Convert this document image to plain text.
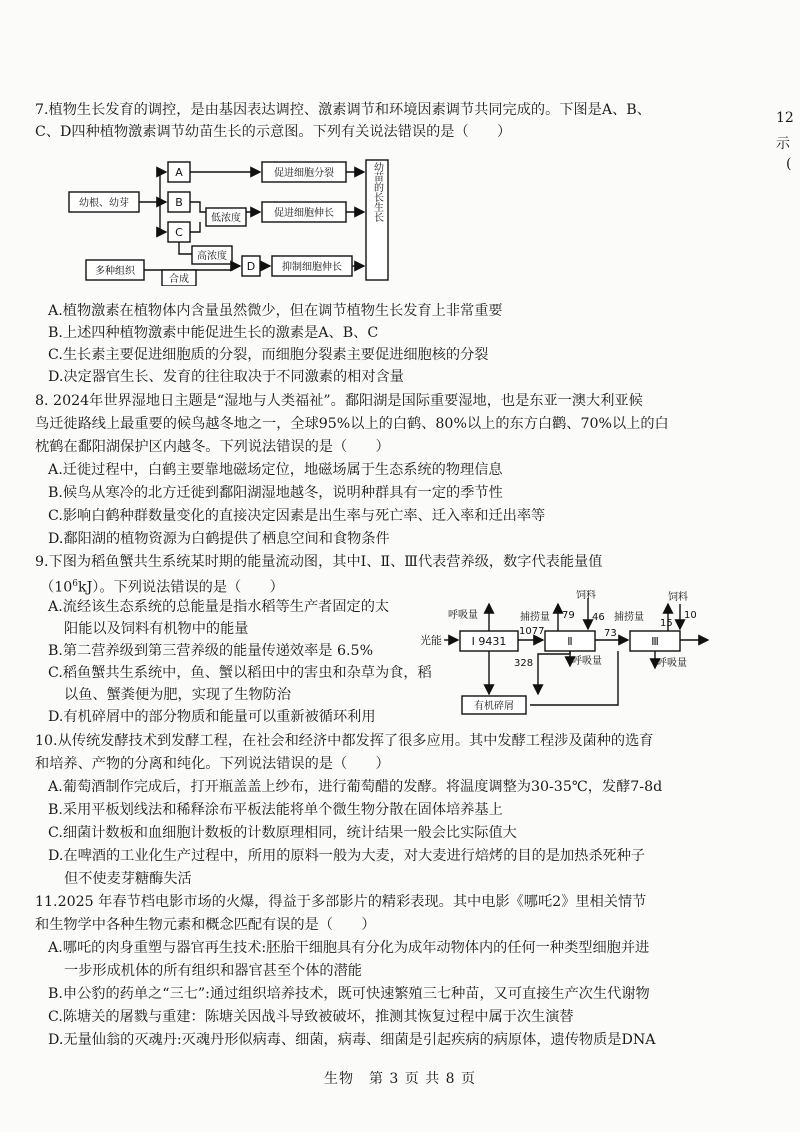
12
示
(
7.植物生长发育的调控，是由基因表达调控、激素调节和环境因素调节共同完成的。下图是A、B、
C、D四种植物激素调节幼苗生长的示意图。下列有关说法错误的是（　　）
幼根、幼芽
多种组织
A
B
C
促进细胞分裂
低浓度	促进细胞伸长
高浓度
合成
D	抑制细胞伸长
幼苗的长生长
A.植物激素在植物体内含量虽然微少，但在调节植物生长发育上非常重要
B.上述四种植物激素中能促进生长的激素是A、B、C
C.生长素主要促进细胞质的分裂，而细胞分裂素主要促进细胞核的分裂
D.决定器官生长、发育的往往取决于不同激素的相对含量
8. 2024年世界湿地日主题是“湿地与人类福祉”。鄱阳湖是国际重要湿地，也是东亚一澳大利亚候
鸟迁徙路线上最重要的候鸟越冬地之一，全球95%以上的白鹤、80%以上的东方白鹳、70%以上的白
枕鹤在鄱阳湖保护区内越冬。下列说法错误的是（　　）
A.迁徙过程中，白鹤主要靠地磁场定位，地磁场属于生态系统的物理信息
B.候鸟从寒冷的北方迁徙到鄱阳湖湿地越冬，说明种群具有一定的季节性
C.影响白鹤种群数量变化的直接决定因素是出生率与死亡率、迁入率和迁出率等
D.鄱阳湖的植物资源为白鹤提供了栖息空间和食物条件
9.下图为稻鱼蟹共生系统某时期的能量流动图，其中Ⅰ、Ⅱ、Ⅲ代表营养级，数字代表能量值
$(10^6kJ)$。下列说法错误的是（　　）
A.流经该生态系统的总能量是指水稻等生产者固定的太
阳能以及饲料有机物中的能量
B.第二营养级到第三营养级的能量传递效率是 6.5%
C.稻鱼蟹共生系统中，鱼、蟹以稻田中的害虫和杂草为食，稻
以鱼、蟹粪便为肥，实现了生物防治
D.有机碎屑中的部分物质和能量可以重新被循环利用
光能	Ⅰ 9431
呼吸量
1077
Ⅱ
捕捞量 79
饲料
46
呼吸量
73
Ⅲ
捕捞量
15
饲料
10
呼吸量
328
有机碎屑
10.从传统发酵技术到发酵工程，在社会和经济中都发挥了很多应用。其中发酵工程涉及菌种的选育
和培养、产物的分离和纯化。下列说法错误的是（　　）
A.葡萄酒制作完成后，打开瓶盖盖上纱布，进行葡萄醋的发酵。将温度调整为30-35℃，发酵7-8d
B.采用平板划线法和稀释涂布平板法能将单个微生物分散在固体培养基上
C.细菌计数板和血细胞计数板的计数原理相同，统计结果一般会比实际值大
D.在啤酒的工业化生产过程中，所用的原料一般为大麦，对大麦进行焙烤的目的是加热杀死种子
但不使麦芽糖酶失活
11.2025 年春节档电影市场的火爆，得益于多部影片的精彩表现。其中电影《哪吒2》里相关情节
和生物学中各种生物元素和概念匹配有误的是（　　）
A.哪吒的肉身重塑与器官再生技术:胚胎干细胞具有分化为成年动物体内的任何一种类型细胞并进
一步形成机体的所有组织和器官甚至个体的潜能
B.申公豹的药单之“三七”:通过组织培养技术，既可快速繁殖三七种苗，又可直接生产次生代谢物
C.陈塘关的屠戮与重建：陈塘关因战斗导致被破坏，推测其恢复过程中属于次生演替
D.无量仙翁的灭魂丹:灭魂丹形似病毒、细菌，病毒、细菌是引起疾病的病原体，遗传物质是DNA
生物　第 3 页 共 8 页
